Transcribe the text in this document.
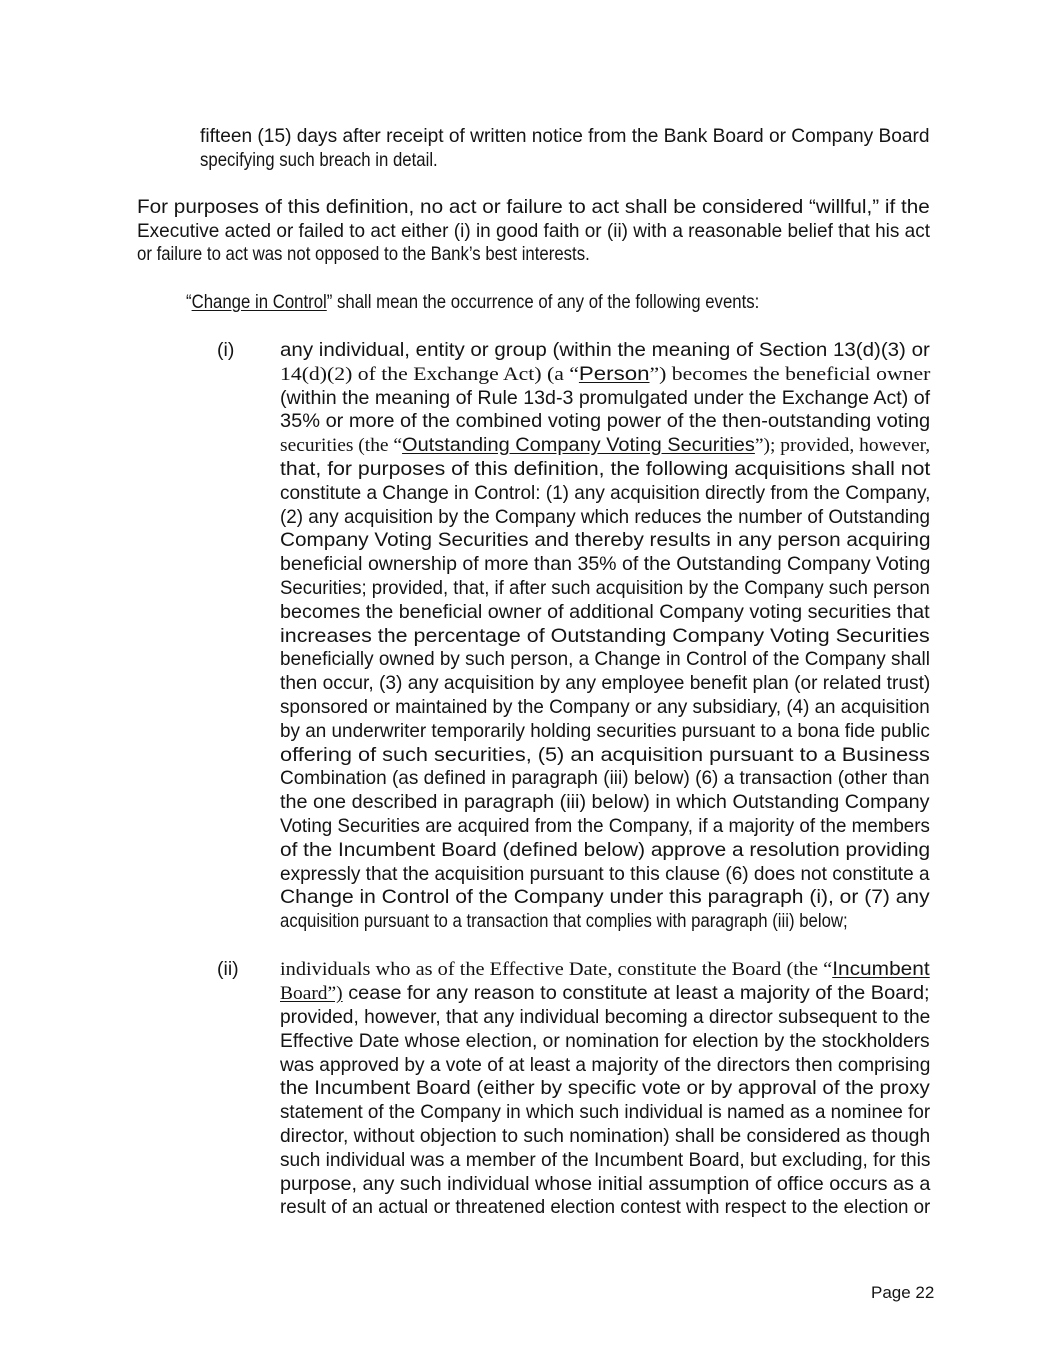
fifteen (15) days after receipt of written notice from the Bank Board or Company Board
specifying such breach in detail.
For purposes of this definition, no act or failure to act shall be considered “willful,” if the
Executive acted or failed to act either (i) in good faith or (ii) with a reasonable belief that his act
or failure to act was not opposed to the Bank’s best interests.
“Change in Control” shall mean the occurrence of any of the following events:
(i) any individual, entity or group (within the meaning of Section 13(d)(3) or
14(d)(2) of the Exchange Act) (a “Person”) becomes the beneficial owner
(within the meaning of Rule 13d-3 promulgated under the Exchange Act) of
35% or more of the combined voting power of the then-outstanding voting
securities (the “Outstanding Company Voting Securities”); provided, however,
that, for purposes of this definition, the following acquisitions shall not
constitute a Change in Control: (1) any acquisition directly from the Company,
(2) any acquisition by the Company which reduces the number of Outstanding
Company Voting Securities and thereby results in any person acquiring
beneficial ownership of more than 35% of the Outstanding Company Voting
Securities; provided, that, if after such acquisition by the Company such person
becomes the beneficial owner of additional Company voting securities that
increases the percentage of Outstanding Company Voting Securities
beneficially owned by such person, a Change in Control of the Company shall
then occur, (3) any acquisition by any employee benefit plan (or related trust)
sponsored or maintained by the Company or any subsidiary, (4) an acquisition
by an underwriter temporarily holding securities pursuant to a bona fide public
offering of such securities, (5) an acquisition pursuant to a Business
Combination (as defined in paragraph (iii) below) (6) a transaction (other than
the one described in paragraph (iii) below) in which Outstanding Company
Voting Securities are acquired from the Company, if a majority of the members
of the Incumbent Board (defined below) approve a resolution providing
expressly that the acquisition pursuant to this clause (6) does not constitute a
Change in Control of the Company under this paragraph (i), or (7) any
acquisition pursuant to a transaction that complies with paragraph (iii) below;
(ii) individuals who as of the Effective Date, constitute the Board (the “Incumbent
Board”) cease for any reason to constitute at least a majority of the Board;
provided, however, that any individual becoming a director subsequent to the
Effective Date whose election, or nomination for election by the stockholders
was approved by a vote of at least a majority of the directors then comprising
the Incumbent Board (either by specific vote or by approval of the proxy
statement of the Company in which such individual is named as a nominee for
director, without objection to such nomination) shall be considered as though
such individual was a member of the Incumbent Board, but excluding, for this
purpose, any such individual whose initial assumption of office occurs as a
result of an actual or threatened election contest with respect to the election or
Page 22
